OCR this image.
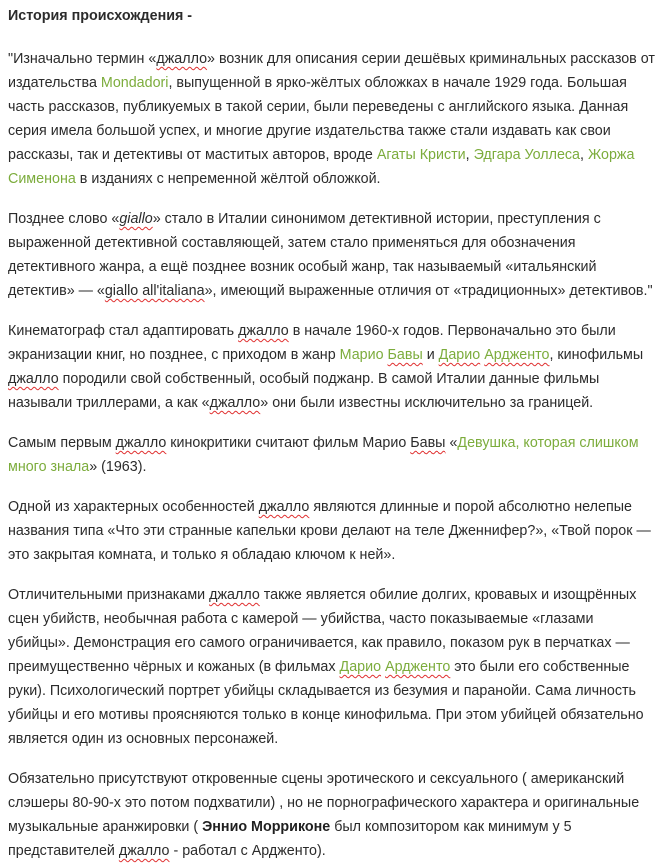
История происхождения -

"Изначально термин «джалло» возник для описания серии дешёвых криминальных рассказов от издательства Mondadori, выпущенной в ярко-жёлтых обложках в начале 1929 года. Большая часть рассказов, публикуемых в такой серии, были переведены с английского языка. Данная серия имела большой успех, и многие другие издательства также стали издавать как свои рассказы, так и детективы от маститых авторов, вроде Агаты Кристи, Эдгара Уоллеса, Жоржа Сименона в изданиях с непременной жёлтой обложкой.

Позднее слово «giallo» стало в Италии синонимом детективной истории, преступления с выраженной детективной составляющей, затем стало применяться для обозначения детективного жанра, а ещё позднее возник особый жанр, так называемый «итальянский детектив» — «giallo all'italiana», имеющий выраженные отличия от «традиционных» детективов."

Кинематограф стал адаптировать джалло в начале 1960-х годов. Первоначально это были экранизации книг, но позднее, с приходом в жанр Марио Бавы и Дарио Ардженто, кинофильмы джалло породили свой собственный, особый поджанр. В самой Италии данные фильмы называли триллерами, а как «джалло» они были известны исключительно за границей.

Самым первым джалло кинокритики считают фильм Марио Бавы «Девушка, которая слишком много знала» (1963).

Одной из характерных особенностей джалло являются длинные и порой абсолютно нелепые названия типа «Что эти странные капельки крови делают на теле Дженнифер?», «Твой порок — это закрытая комната, и только я обладаю ключом к ней».

Отличительными признаками джалло также является обилие долгих, кровавых и изощрённых сцен убийств, необычная работа с камерой — убийства, часто показываемые «глазами убийцы». Демонстрация его самого ограничивается, как правило, показом рук в перчатках — преимущественно чёрных и кожаных (в фильмах Дарио Ардженто это были его собственные руки). Психологический портрет убийцы складывается из безумия и паранойи. Сама личность убийцы и его мотивы проясняются только в конце кинофильма. При этом убийцей обязательно является один из основных персонажей.

Обязательно присутствуют откровенные сцены эротического и сексуального ( американский слэшеры 80-90-х это потом подхватили) , но не порнографического характера и оригинальные музыкальные аранжировки ( Эннио Морриконе был композитором как минимум у 5 представителей джалло - работал с Ардженто).
